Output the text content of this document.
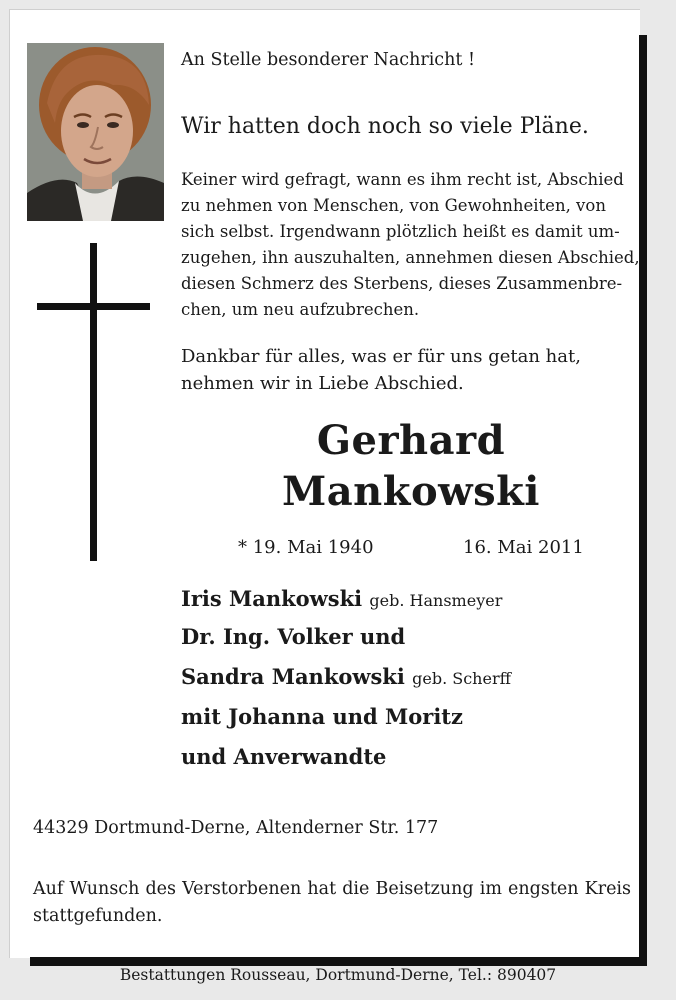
An Stelle besonderer Nachricht !
Wir hatten doch noch so viele Pläne.
Keiner wird gefragt, wann es ihm recht ist, Abschied
zu nehmen von Menschen, von Gewohnheiten, von
sich selbst. Irgendwann plötzlich heißt es damit um-
zugehen, ihn auszuhalten, annehmen diesen Abschied,
diesen Schmerz des Sterbens, dieses Zusammenbre-
chen, um neu aufzubrechen.
Dankbar für alles, was er für uns getan hat,
nehmen wir in Liebe Abschied.
Gerhard
Mankowski
* 19. Mai 1940	16. Mai 2011
Iris Mankowski geb. Hansmeyer
Dr. Ing. Volker und
Sandra Mankowski geb. Scherff
mit Johanna und Moritz
und Anverwandte
44329 Dortmund-Derne, Altenderner Str. 177
Auf Wunsch des Verstorbenen hat die Beisetzung im engsten Kreis stattgefunden.
Bestattungen Rousseau, Dortmund-Derne, Tel.: 890407
